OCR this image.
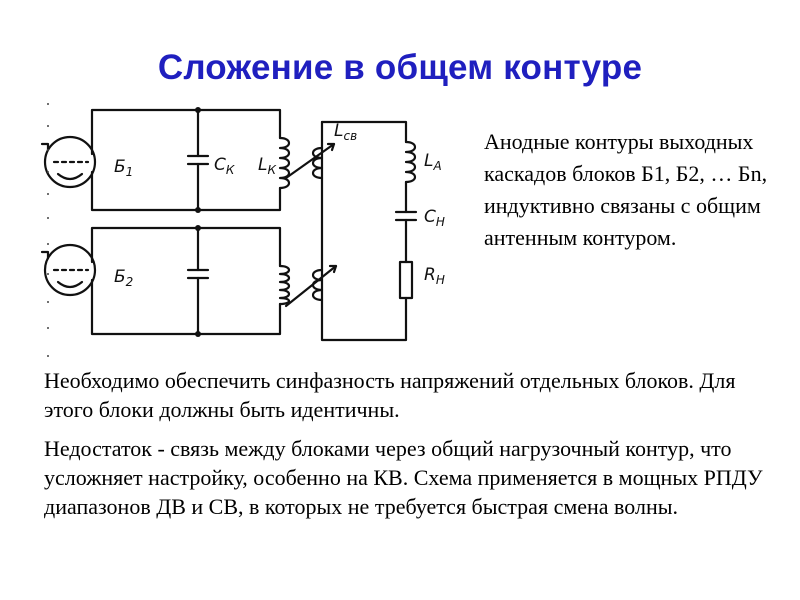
Сложение в общем контуре
$Б_1$
$Б_2$
$C_К$ $L_К$
$L_{св}$
$L_A$
$C_H$
$R_H$
Анодные контуры выходных каскадов блоков Б1, Б2, … Бn, индуктивно связаны с общим антенным контуром.

Необходимо обеспечить синфазность напряжений отдельных блоков. Для этого блоки должны быть идентичны.

Недостаток - связь между блоками через общий нагрузочный контур, что усложняет настройку, особенно на КВ. Схема применяется в мощных РПДУ диапазонов ДВ и СВ, в которых не требуется быстрая смена волны.
